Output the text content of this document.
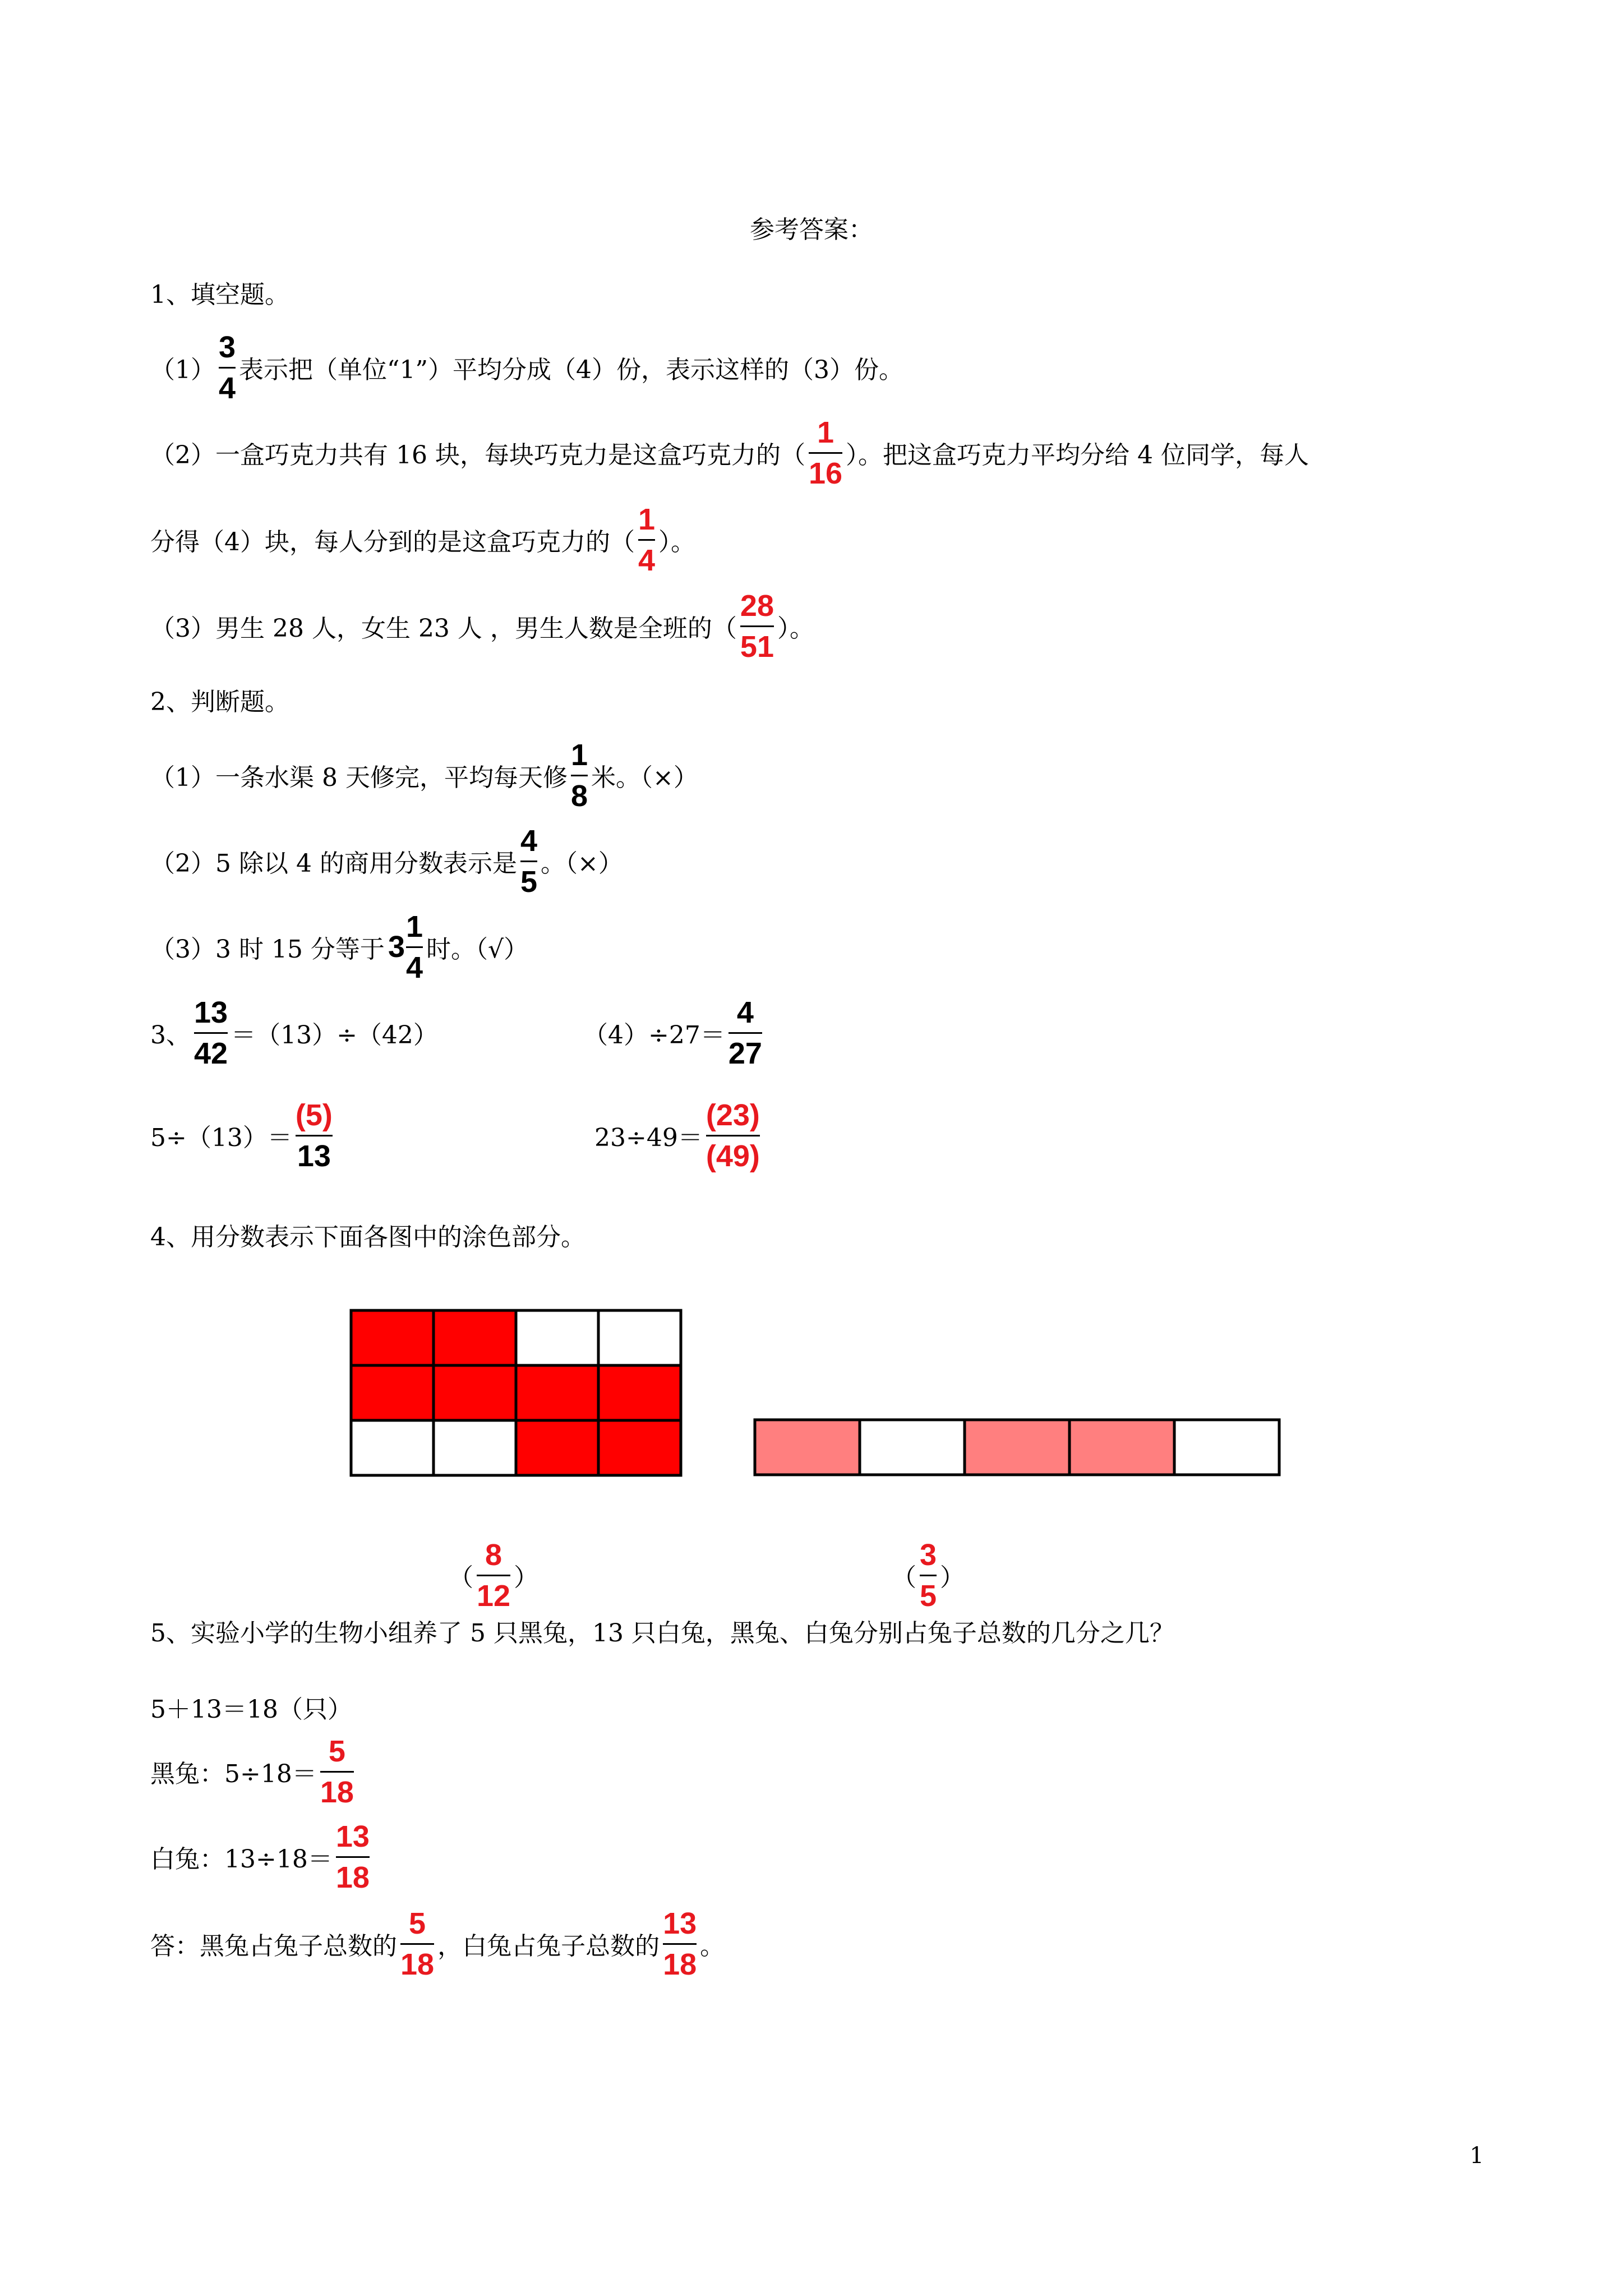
参考答案：
1、填空题。
$(1) \frac{3}{4}$ 表示把（单位“1”）平均分成（4）份，表示这样的（3）份。
（2）一盒巧克力共有 16 块，每块巧克力是这盒巧克力的（ $\frac{1}{16}$ ）。把这盒巧克力平均分给 4 位同学，每人
分得（4）块，每人分到的是这盒巧克力的（ $\frac{1}{4}$ ）。
（3）男生 28 人，女生 23 人 ，男生人数是全班的（ $\frac{28}{51}$ ）。
2、判断题。
（1）一条水渠 8 天修完，平均每天修 $\frac{1}{8}$ 米。（×）
（2）5 除以 4 的商用分数表示是 $\frac{4}{5}$ 。（×）
（3）3 时 15 分等于 $3 \frac{1}{4}$ 时。（√）
3、 $\frac{13}{42} =(13)\div(42)$	$(4)\div 27= \frac{4}{27}$
$5\div(13)= \frac{(5)}{13}$	$23\div 49= \frac{(23)}{(49)}$
4、用分数表示下面各图中的涂色部分。
（ $\frac{8}{12}$ ）	（ $\frac{3}{5}$ ）
5、实验小学的生物小组养了 5 只黑兔，13 只白兔，黑兔、白兔分别占兔子总数的几分之几？
5＋13＝18（只）
黑兔：$5\div 18= \frac{5}{18}$
白兔：$13\div 18= \frac{13}{18}$
答：黑兔占兔子总数的 $\frac{5}{18}$ ，白兔占兔子总数的 $\frac{13}{18}$ 。
1
